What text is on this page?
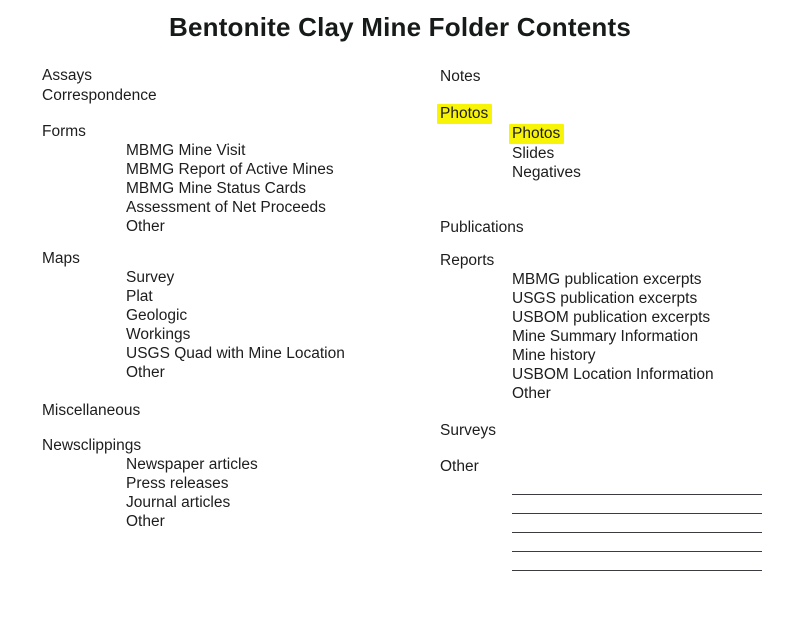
Bentonite Clay Mine Folder Contents
Assays
Correspondence
Forms
MBMG Mine Visit
MBMG Report of Active Mines
MBMG Mine Status Cards
Assessment of Net Proceeds
Other
Maps
Survey
Plat
Geologic
Workings
USGS Quad with Mine Location
Other
Miscellaneous
Newsclippings
Newspaper articles
Press releases
Journal articles
Other
Notes
Photos
Photos
Slides
Negatives
Publications
Reports
MBMG publication excerpts
USGS publication excerpts
USBOM publication excerpts
Mine Summary Information
Mine history
USBOM Location Information
Other
Surveys
Other
